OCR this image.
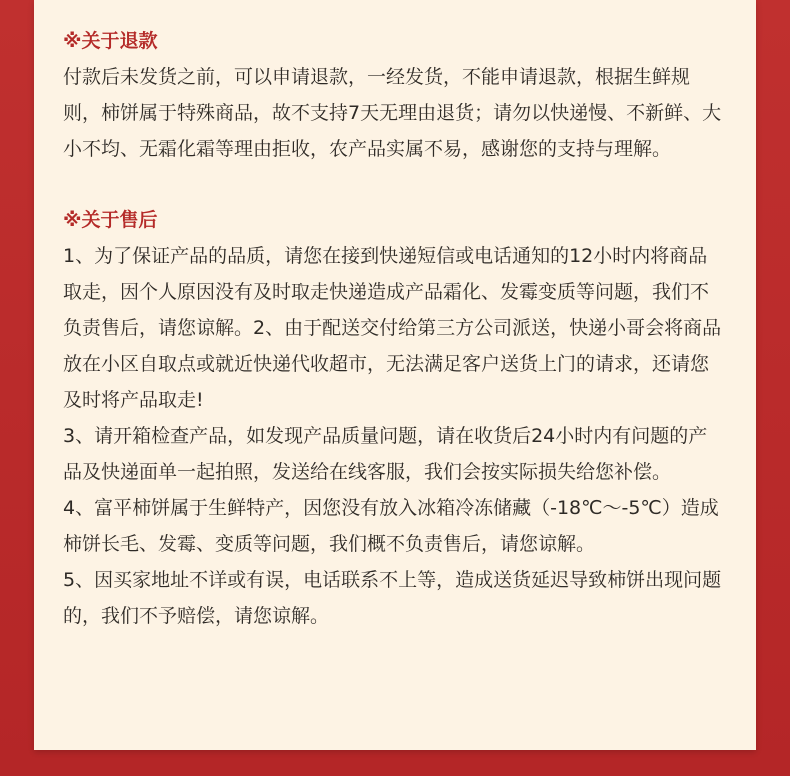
※关于退款

付款后未发货之前，可以申请退款，一经发货，不能申请退款，根据生鲜规则，柿饼属于特殊商品，故不支持7天无理由退货；请勿以快递慢、不新鲜、大小不均、无霜化霜等理由拒收，农产品实属不易，感谢您的支持与理解。

※关于售后

1、为了保证产品的品质，请您在接到快递短信或电话通知的12小时内将商品取走，因个人原因没有及时取走快递造成产品霜化、发霉变质等问题，我们不负责售后，请您谅解。2、由于配送交付给第三方公司派送，快递小哥会将商品放在小区自取点或就近快递代收超市，无法满足客户送货上门的请求，还请您及时将产品取走!

3、请开箱检查产品，如发现产品质量问题，请在收货后24小时内有问题的产品及快递面单一起拍照，发送给在线客服，我们会按实际损失给您补偿。

4、富平柿饼属于生鲜特产，因您没有放入冰箱冷冻储藏（-18℃〜-5℃）造成柿饼长毛、发霉、变质等问题，我们概不负责售后，请您谅解。

5、因买家地址不详或有误，电话联系不上等，造成送货延迟导致柿饼出现问题的，我们不予赔偿，请您谅解。
